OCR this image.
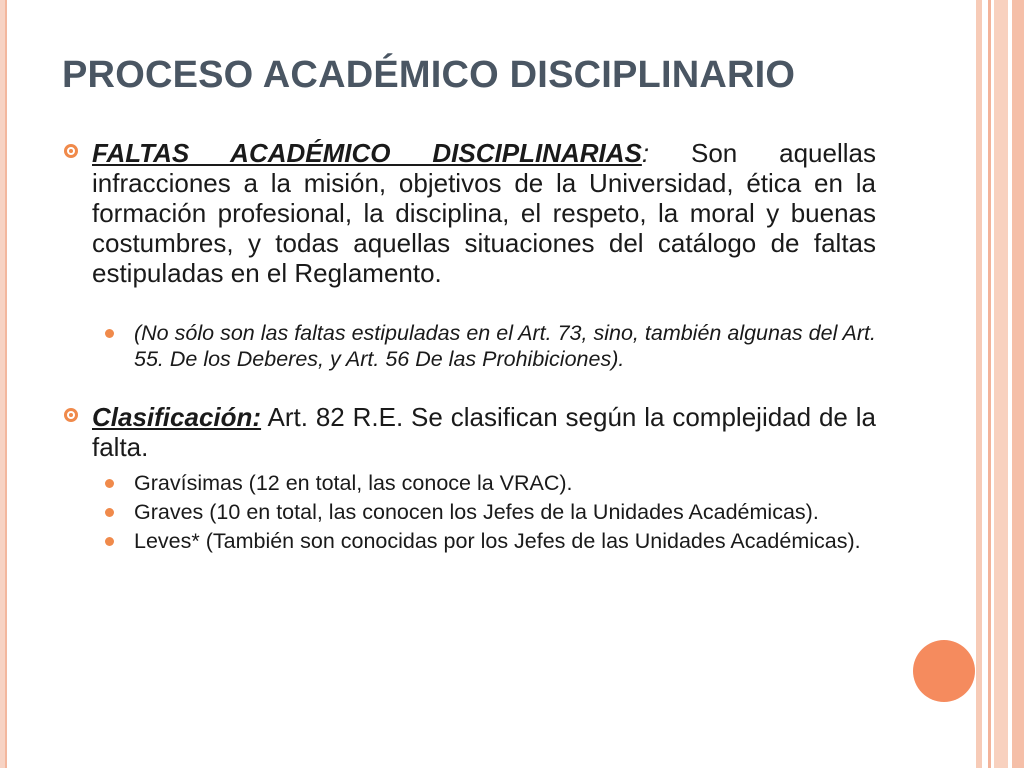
PROCESO ACADÉMICO DISCIPLINARIO
FALTAS ACADÉMICO DISCIPLINARIAS: Son aquellas infracciones a la misión, objetivos de la Universidad, ética en la formación profesional, la disciplina, el respeto, la moral y buenas costumbres, y todas aquellas situaciones del catálogo de faltas estipuladas en el Reglamento.
(No sólo son las faltas estipuladas en el Art. 73, sino, también algunas del Art. 55. De los Deberes, y Art. 56 De las Prohibiciones).
Clasificación: Art. 82 R.E. Se clasifican según la complejidad de la falta.
Gravísimas (12 en total, las conoce la VRAC).
Graves (10 en total, las conocen los Jefes de la Unidades Académicas).
Leves* (También son conocidas por los Jefes de las Unidades Académicas).
